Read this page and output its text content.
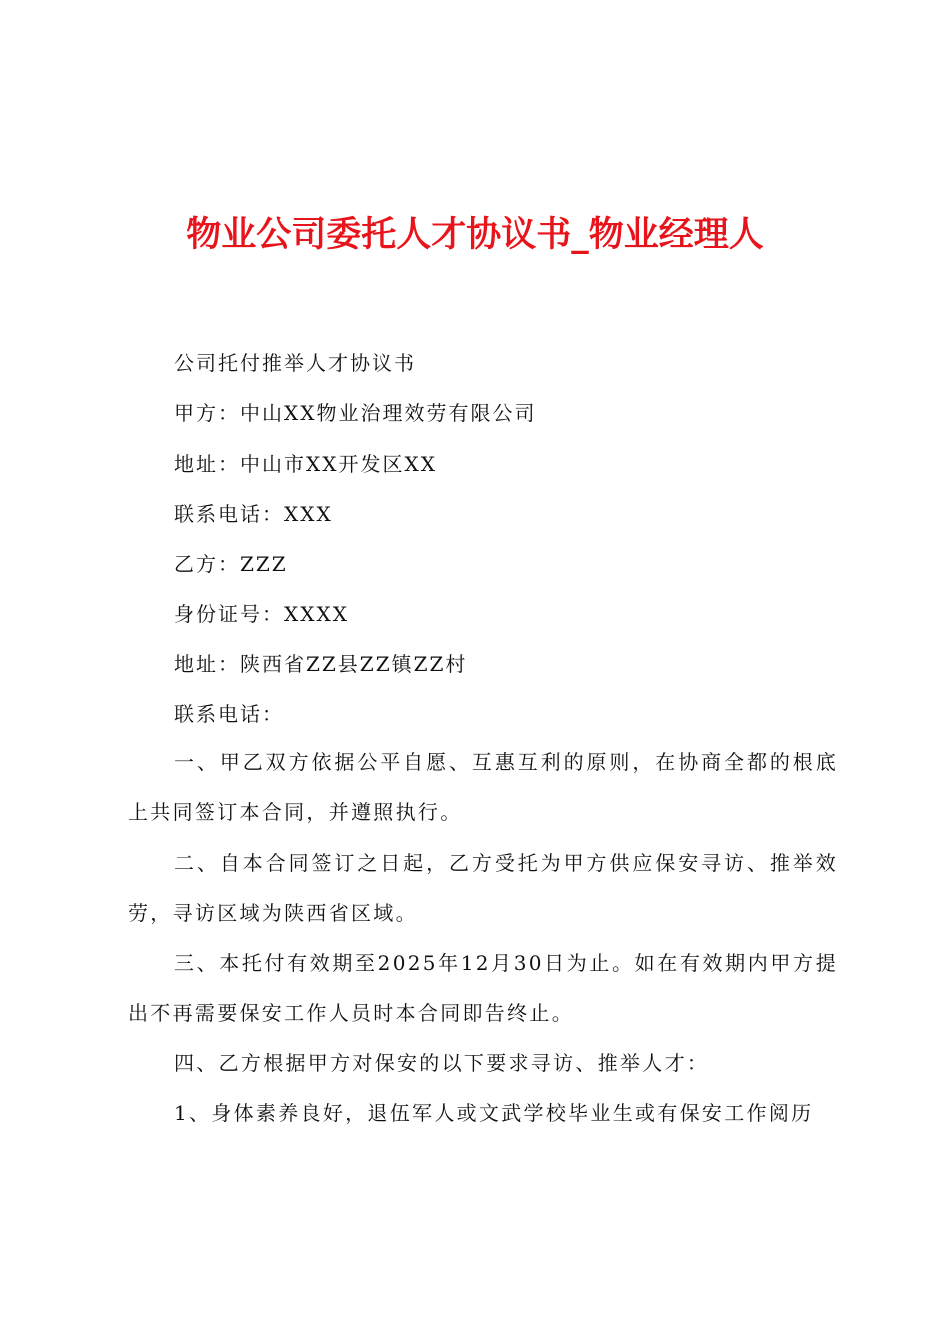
物业公司委托人才协议书_物业经理人

公司托付推举人才协议书

甲方：中山XX物业治理效劳有限公司

地址：中山市XX开发区XX

联系电话：XXX

乙方：ZZZ

身份证号：XXXX

地址：陕西省ZZ县ZZ镇ZZ村

联系电话：

一、甲乙双方依据公平自愿、互惠互利的原则，在协商全都的根底上共同签订本合同，并遵照执行。

二、自本合同签订之日起，乙方受托为甲方供应保安寻访、推举效劳，寻访区域为陕西省区域。

三、本托付有效期至2025年12月30日为止。如在有效期内甲方提出不再需要保安工作人员时本合同即告终止。

四、乙方根据甲方对保安的以下要求寻访、推举人才：

1、身体素养良好，退伍军人或文武学校毕业生或有保安工作阅历
